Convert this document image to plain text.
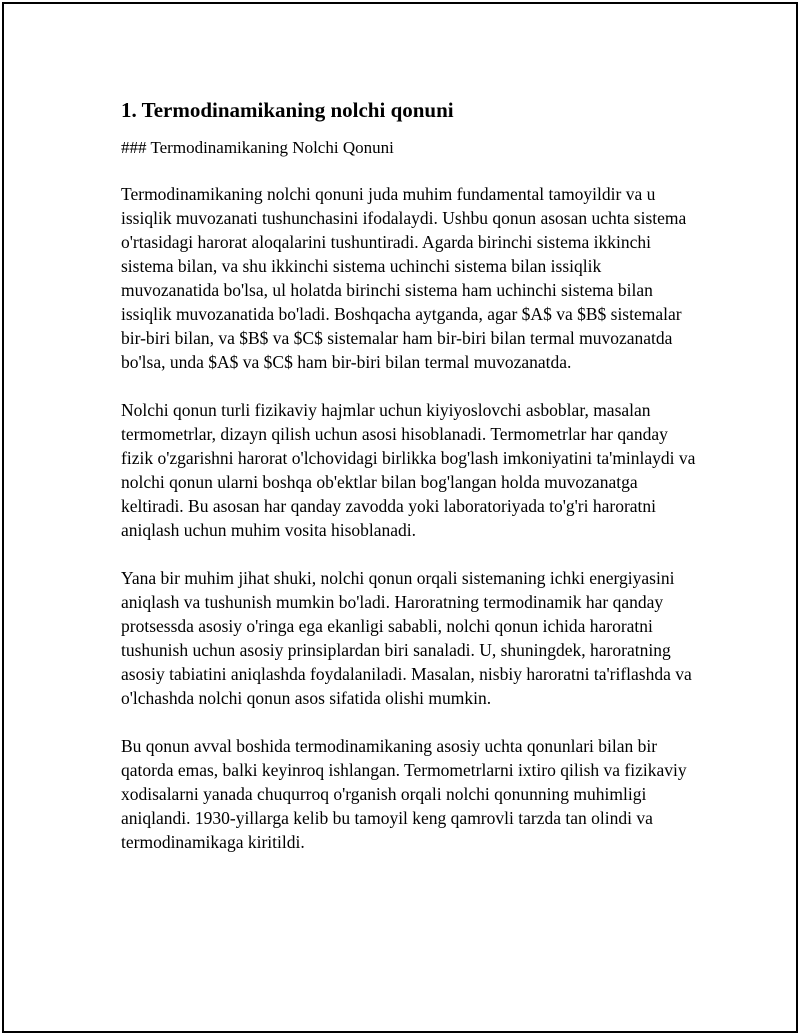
1. Termodinamikaning nolchi qonuni

### Termodinamikaning Nolchi Qonuni

Termodinamikaning nolchi qonuni juda muhim fundamental tamoyildir va u issiqlik muvozanati tushunchasini ifodalaydi. Ushbu qonun asosan uchta sistema o'rtasidagi harorat aloqalarini tushuntiradi. Agarda birinchi sistema ikkinchi sistema bilan, va shu ikkinchi sistema uchinchi sistema bilan issiqlik muvozanatida bo'lsa, ul holatda birinchi sistema ham uchinchi sistema bilan issiqlik muvozanatida bo'ladi. Boshqacha aytganda, agar $A$ va $B$ sistemalar bir-biri bilan, va $B$ va $C$ sistemalar ham bir-biri bilan termal muvozanatda bo'lsa, unda $A$ va $C$ ham bir-biri bilan termal muvozanatda.

Nolchi qonun turli fizikaviy hajmlar uchun kiyiyoslovchi asboblar, masalan termometrlar, dizayn qilish uchun asosi hisoblanadi. Termometrlar har qanday fizik o'zgarishni harorat o'lchovidagi birlikka bog'lash imkoniyatini ta'minlaydi va nolchi qonun ularni boshqa ob'ektlar bilan bog'langan holda muvozanatga keltiradi. Bu asosan har qanday zavodda yoki laboratoriyada to'g'ri haroratni aniqlash uchun muhim vosita hisoblanadi.

Yana bir muhim jihat shuki, nolchi qonun orqali sistemaning ichki energiyasini aniqlash va tushunish mumkin bo'ladi. Haroratning termodinamik har qanday protsessda asosiy o'ringa ega ekanligi sababli, nolchi qonun ichida haroratni tushunish uchun asosiy prinsiplardan biri sanaladi. U, shuningdek, haroratning asosiy tabiatini aniqlashda foydalaniladi. Masalan, nisbiy haroratni ta'riflashda va o'lchashda nolchi qonun asos sifatida olishi mumkin.

Bu qonun avval boshida termodinamikaning asosiy uchta qonunlari bilan bir qatorda emas, balki keyinroq ishlangan. Termometrlarni ixtiro qilish va fizikaviy xodisalarni yanada chuqurroq o'rganish orqali nolchi qonunning muhimligi aniqlandi. 1930-yillarga kelib bu tamoyil keng qamrovli tarzda tan olindi va termodinamikaga kiritildi.
